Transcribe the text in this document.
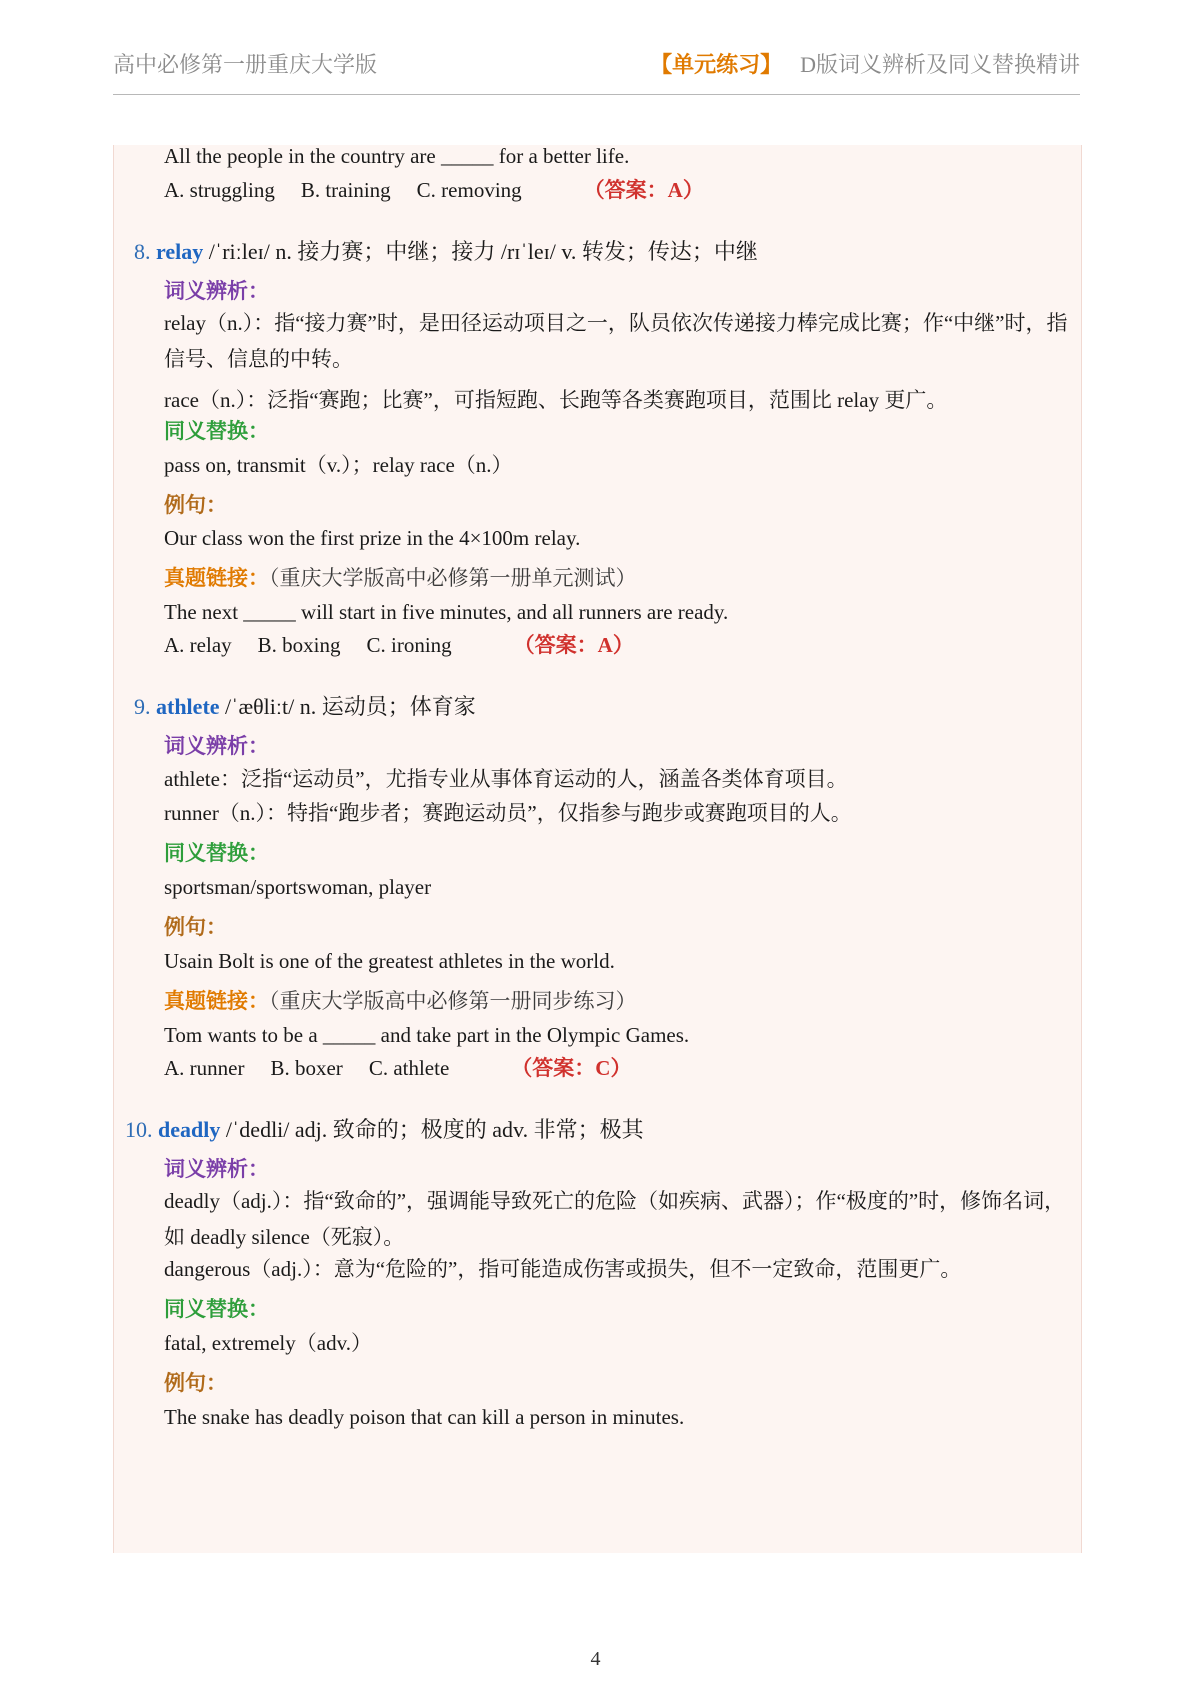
高中必修第一册重庆大学版	【单元练习】 D版词义辨析及同义替换精讲
All the people in the country are _____ for a better life.
A. struggling B. training C. removing	（答案：A）
8. relay /ˈriːleɪ/ n. 接力赛；中继；接力 /rɪˈleɪ/ v. 转发；传达；中继
词义辨析：
relay（n.）：指“接力赛”时，是田径运动项目之一，队员依次传递接力棒完成比赛；作“中继”时，指信号、信息的中转。
race（n.）：泛指“赛跑；比赛”，可指短跑、长跑等各类赛跑项目，范围比 relay 更广。
同义替换：
pass on, transmit（v.）；relay race（n.）
例句：
Our class won the first prize in the 4×100m relay.
真题链接：（重庆大学版高中必修第一册单元测试）
The next _____ will start in five minutes, and all runners are ready.
A. relay B. boxing C. ironing	（答案：A）
9. athlete /ˈæθliːt/ n. 运动员；体育家
词义辨析：
athlete：泛指“运动员”，尤指专业从事体育运动的人，涵盖各类体育项目。
runner（n.）：特指“跑步者；赛跑运动员”，仅指参与跑步或赛跑项目的人。
同义替换：
sportsman/sportswoman, player
例句：
Usain Bolt is one of the greatest athletes in the world.
真题链接：（重庆大学版高中必修第一册同步练习）
Tom wants to be a _____ and take part in the Olympic Games.
A. runner B. boxer C. athlete	（答案：C）
10. deadly /ˈdedli/ adj. 致命的；极度的 adv. 非常；极其
词义辨析：
deadly（adj.）：指“致命的”，强调能导致死亡的危险（如疾病、武器）；作“极度的”时，修饰名词，如 deadly silence（死寂）。
dangerous（adj.）：意为“危险的”，指可能造成伤害或损失，但不一定致命，范围更广。
同义替换：
fatal, extremely（adv.）
例句：
The snake has deadly poison that can kill a person in minutes.
4
